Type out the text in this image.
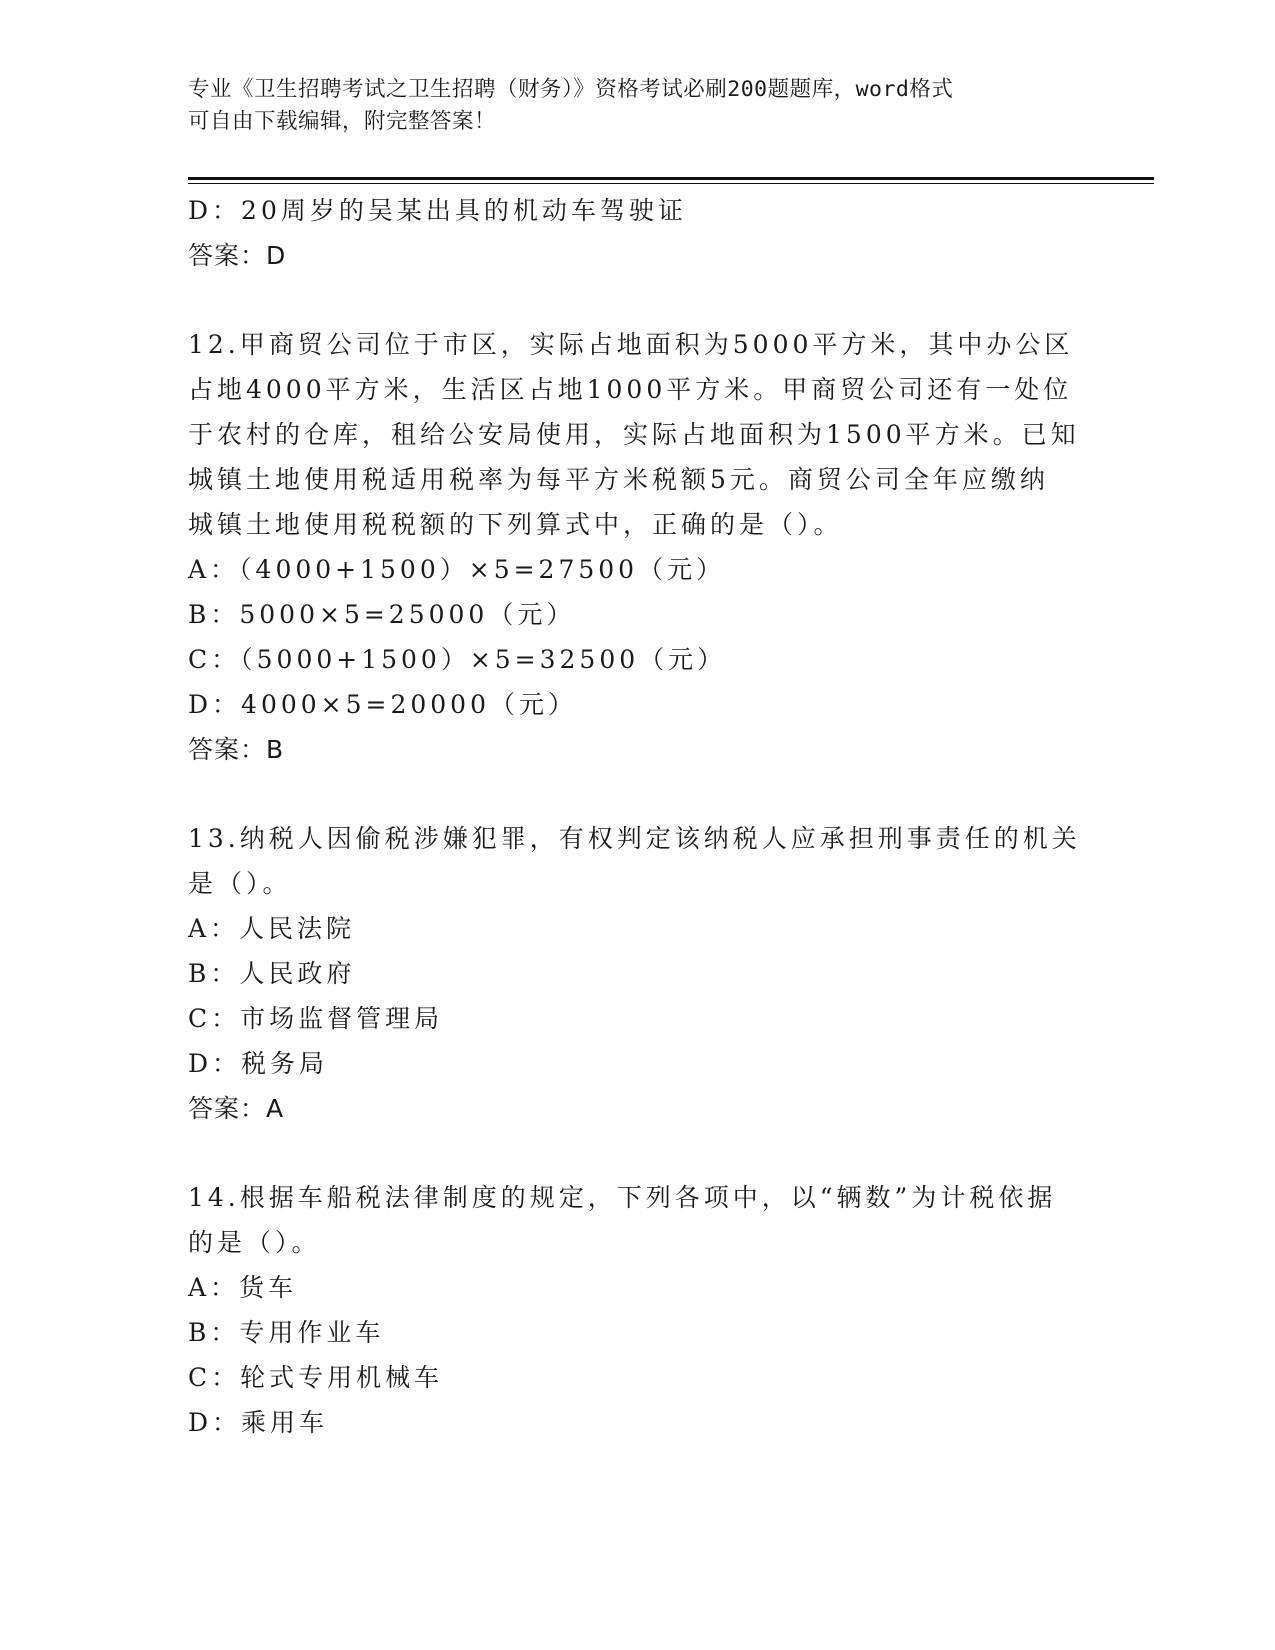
专业《卫生招聘考试之卫生招聘（财务）》资格考试必刷200题题库，word格式
可自由下载编辑，附完整答案！
D：20周岁的吴某出具的机动车驾驶证
答案：D
12.甲商贸公司位于市区，实际占地面积为5000平方米，其中办公区
占地4000平方米，生活区占地1000平方米。甲商贸公司还有一处位
于农村的仓库，租给公安局使用，实际占地面积为1500平方米。已知
城镇土地使用税适用税率为每平方米税额5元。商贸公司全年应缴纳
城镇土地使用税税额的下列算式中，正确的是（）。
A：（4000+1500）×5=27500（元）
B：5000×5=25000（元）
C：（5000+1500）×5=32500（元）
D：4000×5=20000（元）
答案：B
13.纳税人因偷税涉嫌犯罪，有权判定该纳税人应承担刑事责任的机关
是（）。
A：人民法院
B：人民政府
C：市场监督管理局
D：税务局
答案：A
14.根据车船税法律制度的规定，下列各项中，以“辆数”为计税依据
的是（）。
A：货车
B：专用作业车
C：轮式专用机械车
D：乘用车
